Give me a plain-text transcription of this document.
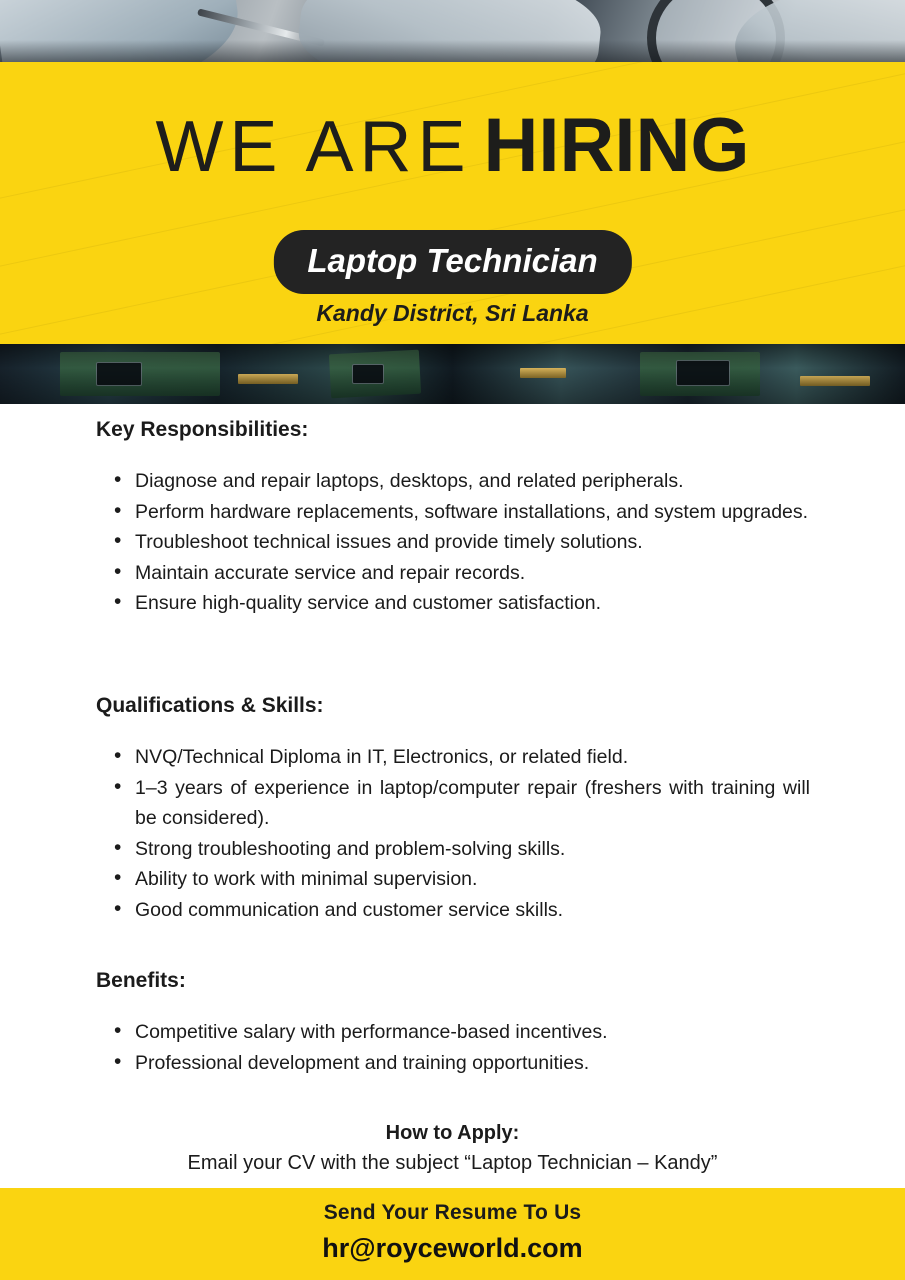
WE ARE HIRING
Laptop Technician
Kandy District, Sri Lanka
Key Responsibilities:
• Diagnose and repair laptops, desktops, and related peripherals.
• Perform hardware replacements, software installations, and system upgrades.
• Troubleshoot technical issues and provide timely solutions.
• Maintain accurate service and repair records.
• Ensure high-quality service and customer satisfaction.
Qualifications & Skills:
• NVQ/Technical Diploma in IT, Electronics, or related field.
• 1–3 years of experience in laptop/computer repair (freshers with training will be considered).
• Strong troubleshooting and problem-solving skills.
• Ability to work with minimal supervision.
• Good communication and customer service skills.
Benefits:
• Competitive salary with performance-based incentives.
• Professional development and training opportunities.
How to Apply:
Email your CV with the subject “Laptop Technician – Kandy”
Send Your Resume To Us
hr@royceworld.com
